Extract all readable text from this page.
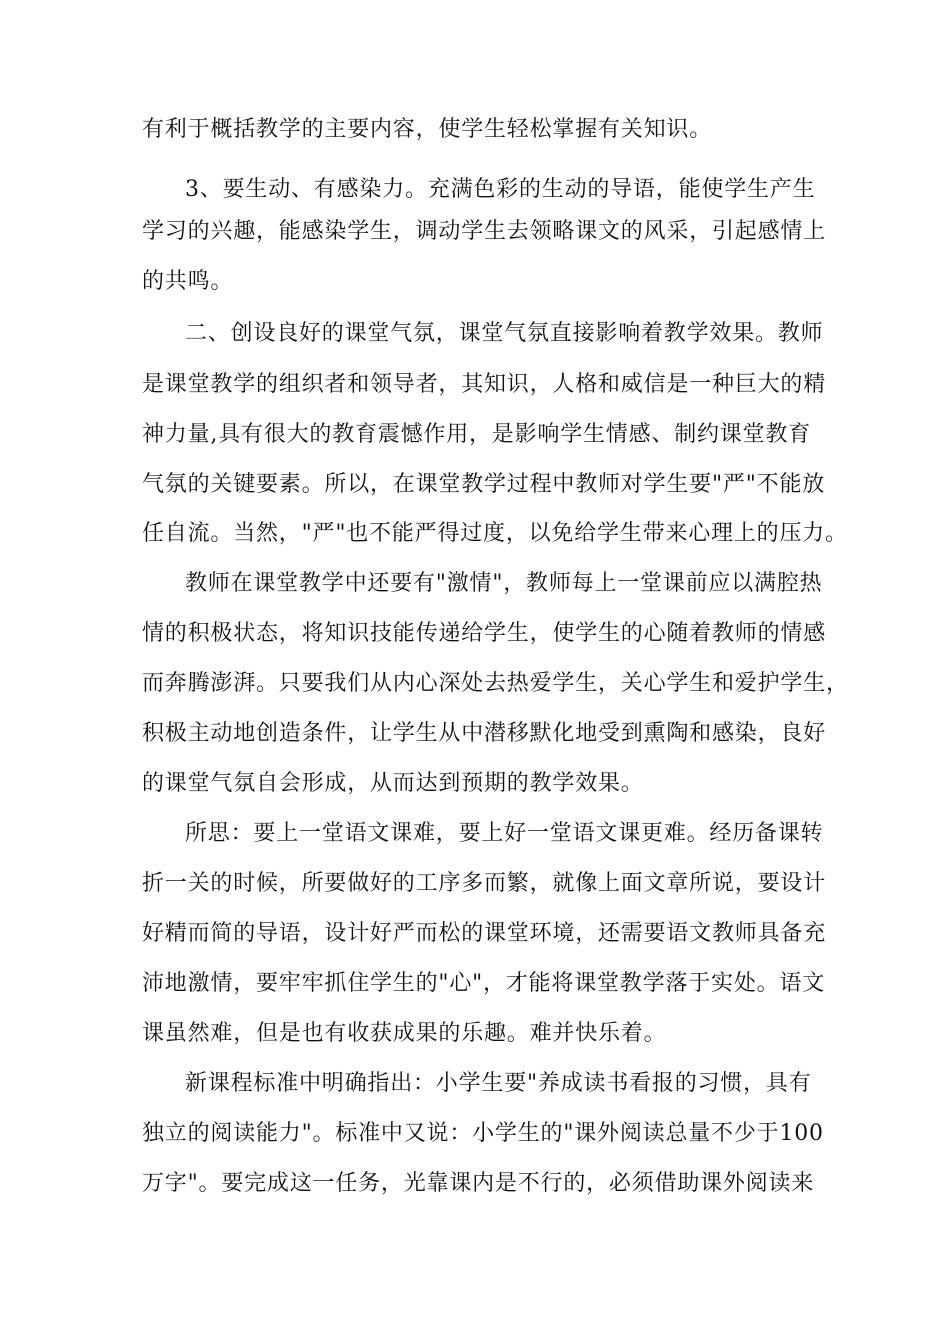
有利于概括教学的主要内容，使学生轻松掌握有关知识。
3、要生动、有感染力。充满色彩的生动的导语，能使学生产生
学习的兴趣，能感染学生，调动学生去领略课文的风采，引起感情上
的共鸣。
二、创设良好的课堂气氛，课堂气氛直接影响着教学效果。教师
是课堂教学的组织者和领导者，其知识，人格和威信是一种巨大的精
神力量,具有很大的教育震憾作用，是影响学生情感、制约课堂教育
气氛的关键要素。所以，在课堂教学过程中教师对学生要"严"不能放
任自流。当然，"严"也不能严得过度，以免给学生带来心理上的压力。
教师在课堂教学中还要有"激情"，教师每上一堂课前应以满腔热
情的积极状态，将知识技能传递给学生，使学生的心随着教师的情感
而奔腾澎湃。只要我们从内心深处去热爱学生，关心学生和爱护学生，
积极主动地创造条件，让学生从中潜移默化地受到熏陶和感染，良好
的课堂气氛自会形成，从而达到预期的教学效果。
所思：要上一堂语文课难，要上好一堂语文课更难。经历备课转
折一关的时候，所要做好的工序多而繁，就像上面文章所说，要设计
好精而简的导语，设计好严而松的课堂环境，还需要语文教师具备充
沛地激情，要牢牢抓住学生的"心"，才能将课堂教学落于实处。语文
课虽然难，但是也有收获成果的乐趣。难并快乐着。
新课程标准中明确指出：小学生要"养成读书看报的习惯，具有
独立的阅读能力"。标准中又说：小学生的"课外阅读总量不少于100
万字"。要完成这一任务，光靠课内是不行的，必须借助课外阅读来
